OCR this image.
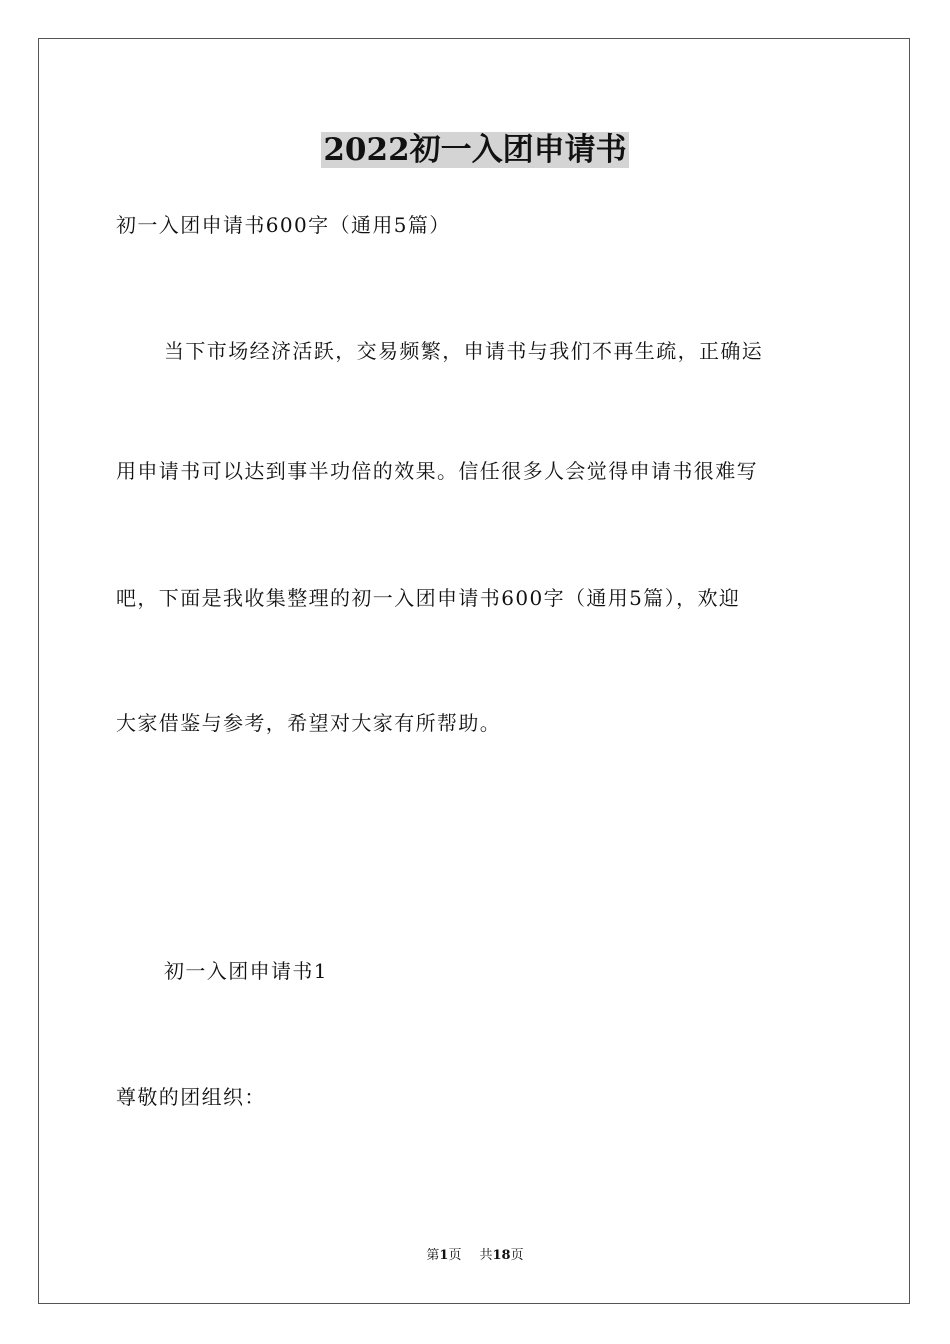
2022初一入团申请书
初一入团申请书600字（通用5篇）
当下市场经济活跃，交易频繁，申请书与我们不再生疏，正确运
用申请书可以达到事半功倍的效果。信任很多人会觉得申请书很难写
吧，下面是我收集整理的初一入团申请书600字（通用5篇），欢迎
大家借鉴与参考，希望对大家有所帮助。
初一入团申请书1
尊敬的团组织：
第1页 共18页
